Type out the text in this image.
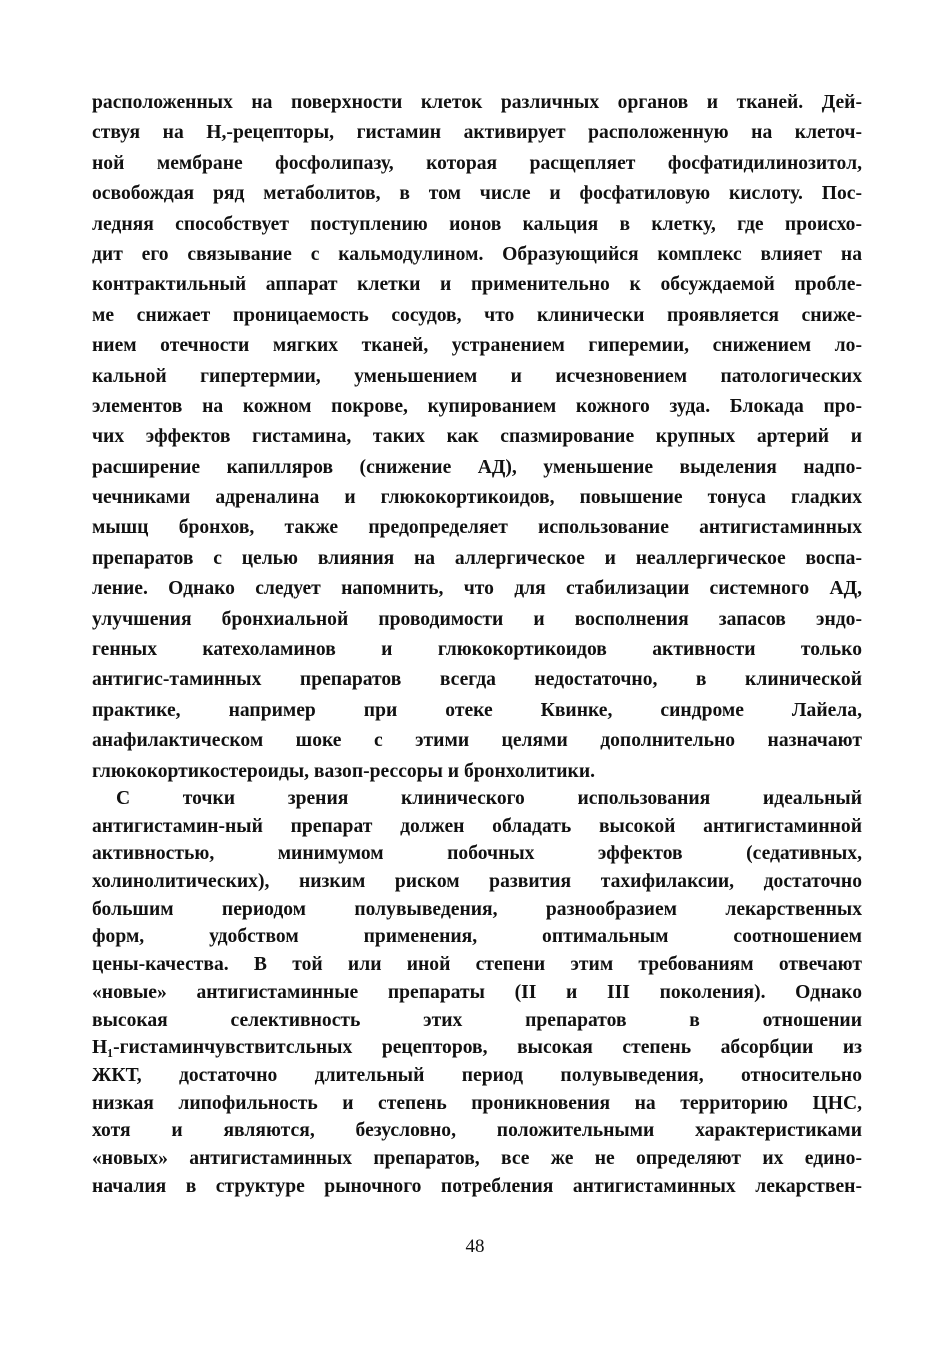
расположенных на поверхности клеток различных органов и тканей. Дей-
ствуя на Н,-рецепторы, гистамин активирует расположенную на клеточ-
ной мембране фосфолипазу, которая расщепляет фосфатидилинозитол,
освобождая ряд метаболитов, в том числе и фосфатиловую кислоту. Пос-
ледняя способствует поступлению ионов кальция в клетку, где происхо-
дит его связывание с кальмодулином. Образующийся комплекс влияет на
контрактильный аппарат клетки и применительно к обсуждаемой пробле-
ме снижает проницаемость сосудов, что клинически проявляется сниже-
нием отечности мягких тканей, устранением гиперемии, снижением ло-
кальной гипертермии, уменьшением и исчезновением патологических
элементов на кожном покрове, купированием кожного зуда. Блокада про-
чих эффектов гистамина, таких как спазмирование крупных артерий и
расширение капилляров (снижение АД), уменьшение выделения надпо-
чечниками адреналина и глюкокортикоидов, повышение тонуса гладких
мышц бронхов, также предопределяет использование антигистаминных
препаратов с целью влияния на аллергическое и неаллергическое воспа-
ление. Однако следует напомнить, что для стабилизации системного АД,
улучшения бронхиальной проводимости и восполнения запасов эндо-
генных катехоламинов и глюкокортикоидов активности только
антигис-таминных препаратов всегда недостаточно, в клинической
практике, например при отеке Квинке, синдроме Лайела,
анафилактическом шоке с этими целями дополнительно назначают
глюкокортикостероиды, вазоп-рессоры и бронхолитики.
С точки зрения клинического использования идеальный
антигистамин-ный препарат должен обладать высокой антигистаминной
активностью, минимумом побочных эффектов (седативных,
холинолитических), низким риском развития тахифилаксии, достаточно
большим периодом полувыведения, разнообразием лекарственных
форм, удобством применения, оптимальным соотношением
цены-качества. В той или иной степени этим требованиям отвечают
«новые» антигистаминные препараты (II и III поколения). Однако
высокая селективность этих препаратов в отношении
Н₁-гистаминчувствитсльных рецепторов, высокая степень абсорбции из
ЖКТ, достаточно длительный период полувыведения, относительно
низкая липофильность и степень проникновения на территорию ЦНС,
хотя и являются, безусловно, положительными характеристиками
«новых» антигистаминных препаратов, все же не определяют их едино-
началия в структуре рыночного потребления антигистаминных лекарствен-
48
